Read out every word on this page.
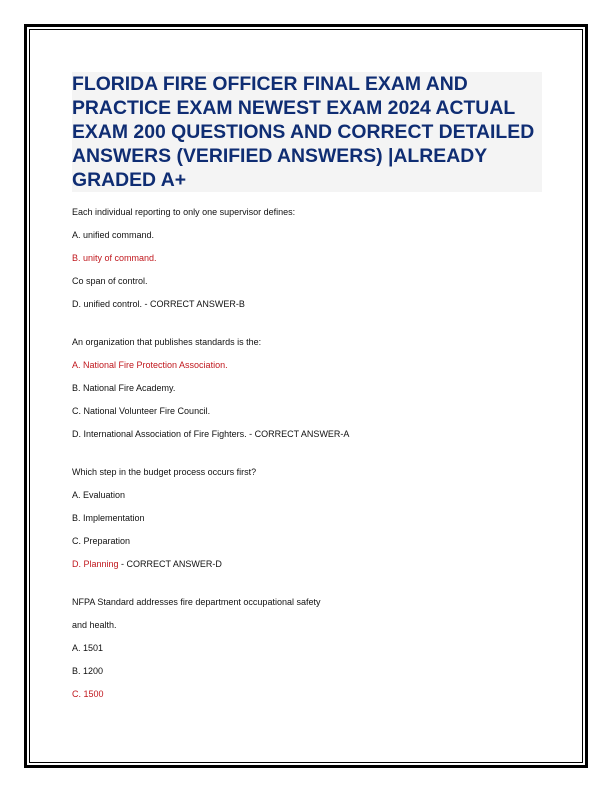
FLORIDA FIRE OFFICER FINAL EXAM AND PRACTICE EXAM NEWEST EXAM 2024 ACTUAL EXAM 200 QUESTIONS AND CORRECT DETAILED ANSWERS (VERIFIED ANSWERS) |ALREADY GRADED A+

Each individual reporting to only one supervisor defines:

A. unified command.

B. unity of command.

Co span of control.

D. unified control. - CORRECT ANSWER-B

An organization that publishes standards is the:

A. National Fire Protection Association.

B. National Fire Academy.

C. National Volunteer Fire Council.

D. International Association of Fire Fighters. - CORRECT ANSWER-A

Which step in the budget process occurs first?

A. Evaluation

B. Implementation

C. Preparation

D. Planning - CORRECT ANSWER-D

NFPA Standard addresses fire department occupational safety

and health.

A. 1501

B. 1200

C. 1500
